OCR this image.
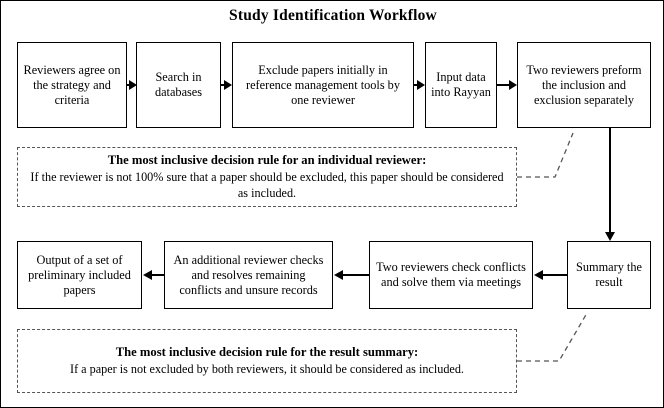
Study Identification Workflow
Reviewers agree on the strategy and criteria
Search in databases
Exclude papers initially in reference management tools by one reviewer
Input data into Rayyan
Two reviewers preform the inclusion and exclusion separately
Output of a set of preliminary included papers
An additional reviewer checks and resolves remaining conflicts and unsure records
Two reviewers check conflicts and solve them via meetings
Summary the result
The most inclusive decision rule for an individual reviewer:
If the reviewer is not 100% sure that a paper should be excluded, this paper should be considered as included.
The most inclusive decision rule for the result summary:
If a paper is not excluded by both reviewers, it should be considered as included.
